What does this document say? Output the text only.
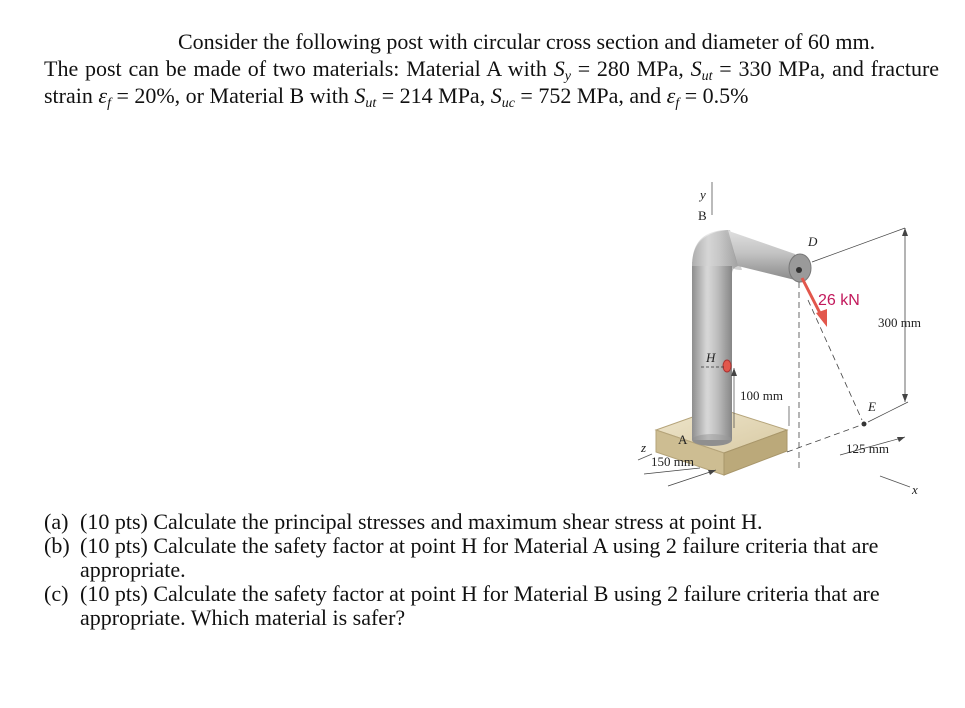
Consider the following post with circular cross section and diameter of 60 mm.
The post can be made of two materials: Material A with $S_y = 280$ MPa, $S_{ut} = 330$ MPa, and fracture strain $\varepsilon_f = 20\%$, or Material B with $S_{ut} = 214$ MPa, $S_{uc} = 752$ MPa, and $\varepsilon_f = 0.5\%$

y
B
D
26 kN
300 mm
H
100 mm
A
E
125 mm
z
150 mm
x
(a) (10 pts) Calculate the principal stresses and maximum shear stress at point H.
(b) (10 pts) Calculate the safety factor at point H for Material A using 2 failure criteria that are appropriate.
(c) (10 pts) Calculate the safety factor at point H for Material B using 2 failure criteria that are appropriate. Which material is safer?
